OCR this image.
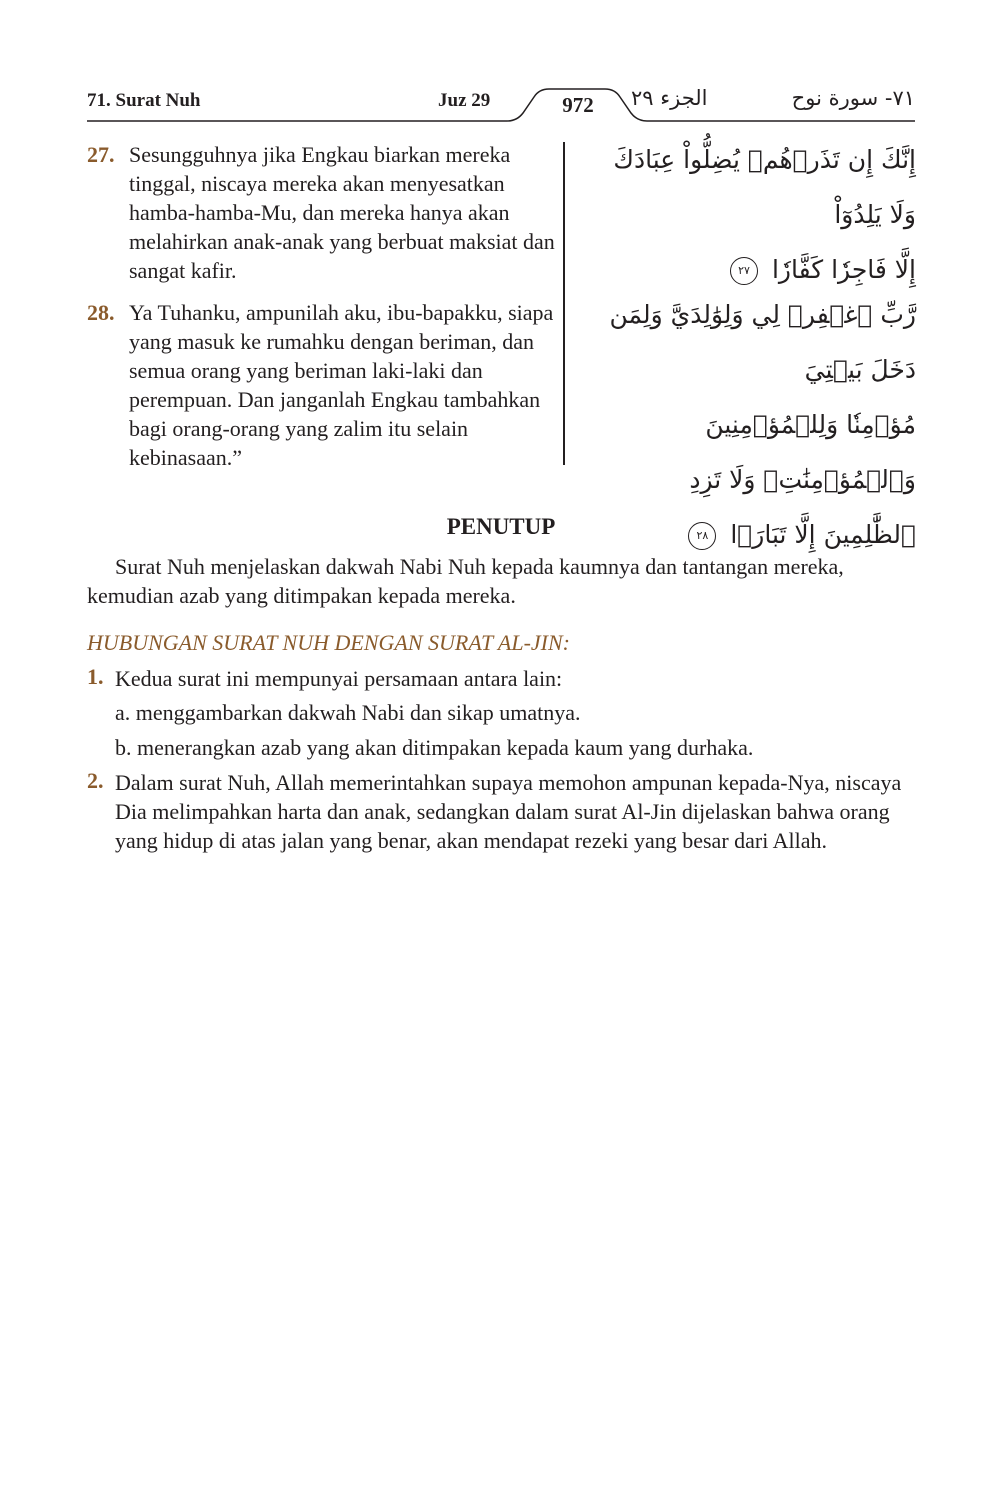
71. Surat Nuh	Juz 29	972	الجزء ٢٩	٧١- سورة نوح
27. Sesungguhnya jika Engkau biarkan mereka tinggal, niscaya mereka akan menyesatkan hamba-hamba-Mu, dan mereka hanya akan melahirkan anak-anak yang berbuat maksiat dan sangat kafir.
إِنَّكَ إِن تَذَرۡهُمۡ يُضِلُّواْ عِبَادَكَ وَلَا يَلِدُوٓاْ
إِلَّا فَاجِرٗا كَفَّارٗا ٢٧
28. Ya Tuhanku, ampunilah aku, ibu-bapakku, siapa yang masuk ke rumahku dengan beriman, dan semua orang yang beriman laki-laki dan perempuan. Dan janganlah Engkau tambahkan bagi orang-orang yang zalim itu selain kebinasaan.”
رَّبِّ ٱغۡفِرۡ لِي وَلِوَٰلِدَيَّ وَلِمَن دَخَلَ بَيۡتِيَ
مُؤۡمِنٗا وَلِلۡمُؤۡمِنِينَ وَٱلۡمُؤۡمِنَٰتِۖ وَلَا تَزِدِ
ٱلظَّٰلِمِينَ إِلَّا تَبَارَۢا ٢٨
PENUTUP
Surat Nuh menjelaskan dakwah Nabi Nuh kepada kaumnya dan tantangan mereka, kemudian azab yang ditimpakan kepada mereka.
HUBUNGAN SURAT NUH DENGAN SURAT AL-JIN:
1. Kedua surat ini mempunyai persamaan antara lain:
a. menggambarkan dakwah Nabi dan sikap umatnya.
b. menerangkan azab yang akan ditimpakan kepada kaum yang durhaka.
2. Dalam surat Nuh, Allah memerintahkan supaya memohon ampunan kepada-Nya, niscaya Dia melimpahkan harta dan anak, sedangkan dalam surat Al-Jin dijelaskan bahwa orang yang hidup di atas jalan yang benar, akan mendapat rezeki yang besar dari Allah.
